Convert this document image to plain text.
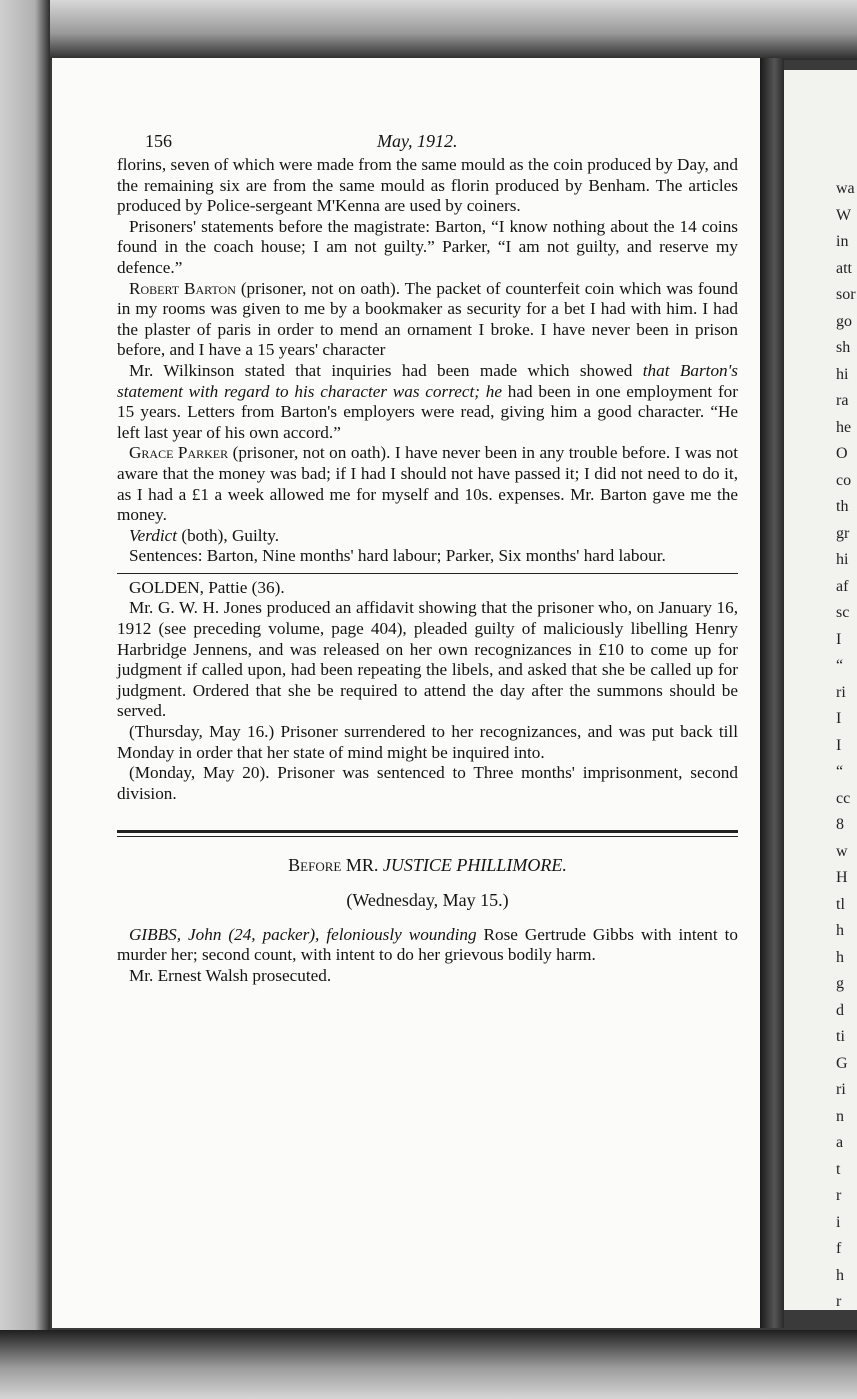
wa
W
in
att
sor
go
sh
hi
ra
he
O
co
th
gr
hi
af
sc
I
“
ri
I
I
“
cc
8
w
H
tl
h
h
g
d
ti
G
ri
n
a
t
r
i
f
h
r
156	May, 1912.

florins, seven of which were made from the same mould as the coin produced by Day, and the remaining six are from the same mould as florin produced by Benham. The articles produced by Police-sergeant M'Kenna are used by coiners.

Prisoners' statements before the magistrate: Barton, “I know nothing about the 14 coins found in the coach house; I am not guilty.” Parker, “I am not guilty, and reserve my defence.”

Robert Barton (prisoner, not on oath). The packet of counterfeit coin which was found in my rooms was given to me by a bookmaker as security for a bet I had with him. I had the plaster of paris in order to mend an ornament I broke. I have never been in prison before, and I have a 15 years' character

Mr. Wilkinson stated that inquiries had been made which showed that Barton's statement with regard to his character was correct; he had been in one employment for 15 years. Letters from Barton's employers were read, giving him a good character. “He left last year of his own accord.”

Grace Parker (prisoner, not on oath). I have never been in any trouble before. I was not aware that the money was bad; if I had I should not have passed it; I did not need to do it, as I had a £1 a week allowed me for myself and 10s. expenses. Mr. Barton gave me the money.

Verdict (both), Guilty.

Sentences: Barton, Nine months' hard labour; Parker, Six months' hard labour.

GOLDEN, Pattie (36).

Mr. G. W. H. Jones produced an affidavit showing that the prisoner who, on January 16, 1912 (see preceding volume, page 404), pleaded guilty of maliciously libelling Henry Harbridge Jennens, and was released on her own recognizances in £10 to come up for judgment if called upon, had been repeating the libels, and asked that she be called up for judgment. Ordered that she be required to attend the day after the summons should be served.

(Thursday, May 16.) Prisoner surrendered to her recognizances, and was put back till Monday in order that her state of mind might be inquired into.

(Monday, May 20). Prisoner was sentenced to Three months' imprisonment, second division.

Before MR. JUSTICE PHILLIMORE.

(Wednesday, May 15.)

GIBBS, John (24, packer), feloniously wounding Rose Gertrude Gibbs with intent to murder her; second count, with intent to do her grievous bodily harm.

Mr. Ernest Walsh prosecuted.
